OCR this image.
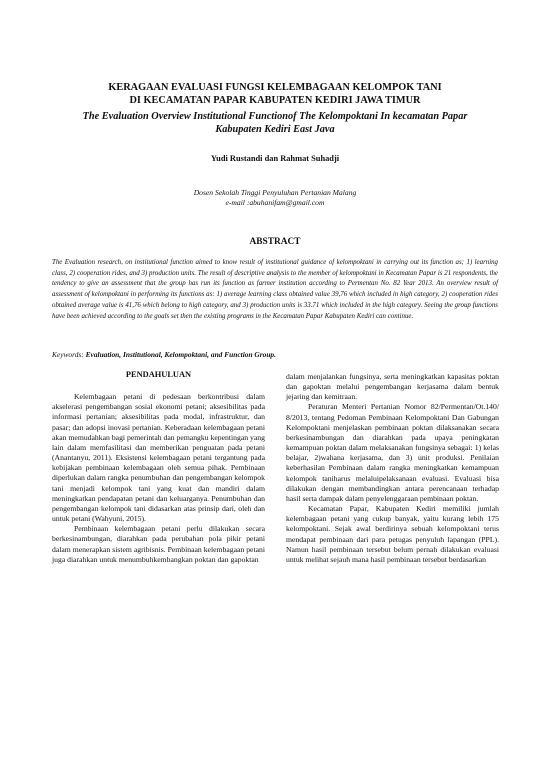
KERAGAAN EVALUASI FUNGSI KELEMBAGAAN KELOMPOK TANI
DI KECAMATAN PAPAR KABUPATEN KEDIRI JAWA TIMUR
The Evaluation Overview Institutional Functionof The Kelompoktani In kecamatan Papar
Kabupaten Kediri East Java
Yudi Rustandi dan Rahmat Suhadji
Dosen Sekolah Tinggi Penyuluhan Pertanian Malang
e-mail :abuhanifam@gmail.com
ABSTRACT
The Evaluation research, on institutional function aimed to know result of institutional guidance of kelompoktani in carrying out its function as; 1) learning class, 2) cooperation rides, and 3) production units. The result of descriptive analysis to the member of kelompoktani in Kecamatan Papar is 21 respondents, the tendency to give an assessment that the group has run its function as farmer institution according to Permentan No. 82 Year 2013. An overview result of assessment of kelompoktani in performing its functions as: 1) average learning class obtained value 39,76 which included in high category, 2) cooperation rides obtained average value is 41,76 which belong to high category, and 3) production units is 33.71 which included in the high category. Seeing the group functions have been achieved according to the goals set then the existing programs in the Kecamatan Papar Kabupaten Kediri can continue.
Keywords: Evaluation, Institutional, Kelompoktani, and Function Group.
PENDAHULUAN

Kelembagaan petani di pedesaan berkontribusi dalam akselerasi pengembangan sosial ekonomi petani; aksesibilitas pada informasi pertanian; aksesibilitas pada modal, infrastruktur, dan pasar; dan adopsi inovasi pertanian. Keberadaan kelembagaan petani akan memudahkan bagi pemerintah dan pemangku kepentingan yang lain dalam memfasilitasi dan memberikan penguatan pada petani (Anantanyu, 2011). Eksistensi kelembagaan petani tergantung pada kebijakan pembinaan kelembagaan oleh semua pihak. Pembinaan diperlukan dalam rangka penumbuhan dan pengembangan kelompok tani menjadi kelompok tani yang kuat dan mandiri dalam meningkatkan pendapatan petani dan keluarganya. Penumbuhan dan pengembangan kelompok tani didasarkan atas prinsip dari, oleh dan untuk petani (Wahyuni, 2015).

Pembinaan kelembagaan petani perlu dilakukan secara berkesinambungan, diarahkan pada perubahan pola pikir petani dalam menerapkan sistem agribisnis. Pembinaan kelembagaan petani juga diarahkan untuk menumbuhkembangkan poktan dan gapoktan

dalam menjalankan fungsinya, serta meningkatkan kapasitas poktan dan gapoktan melalui pengembangan kerjasama dalam bentuk jejaring dan kemitraan.

Peraturan Menteri Pertanian Nomor 82/Permentan/Ot.140/ 8/2013, tentang Pedoman Pembinaan Kelompoktani Dan Gabungan Kelompoktani menjelaskan pembinaan poktan dilaksanakan secara berkesinambungan dan diarahkan pada upaya peningkatan kemampuan poktan dalam melaksanakan fungsinya sebagai: 1) kelas belajar, 2)wahana kerjasama, dan 3) unit produksi. Penilaian keberhasilan Pembinaan dalam rangka meningkatkan kemampuan kelompok taniharus melaluipelaksanaan evaluasi. Evaluasi bisa dilakukan dengan membandingkan antara perencanaan terhadap hasil serta dampak dalam penyelenggaraan pembinaan poktan.

Kecamatan Papar, Kabupaten Kediri memiliki jumlah kelembagaan petani yang cukup banyak, yaitu kurang lebih 175 kelompoktani. Sejak awal berdirinya sebuah kelompoktani terus mendapat pembinaan dari para petugas penyuluh lapangan (PPL). Namun hasil pembinaan tersebut belum pernah dilakukan evaluasi untuk melihat sejauh mana hasil pembinaan tersebut berdasarkan
